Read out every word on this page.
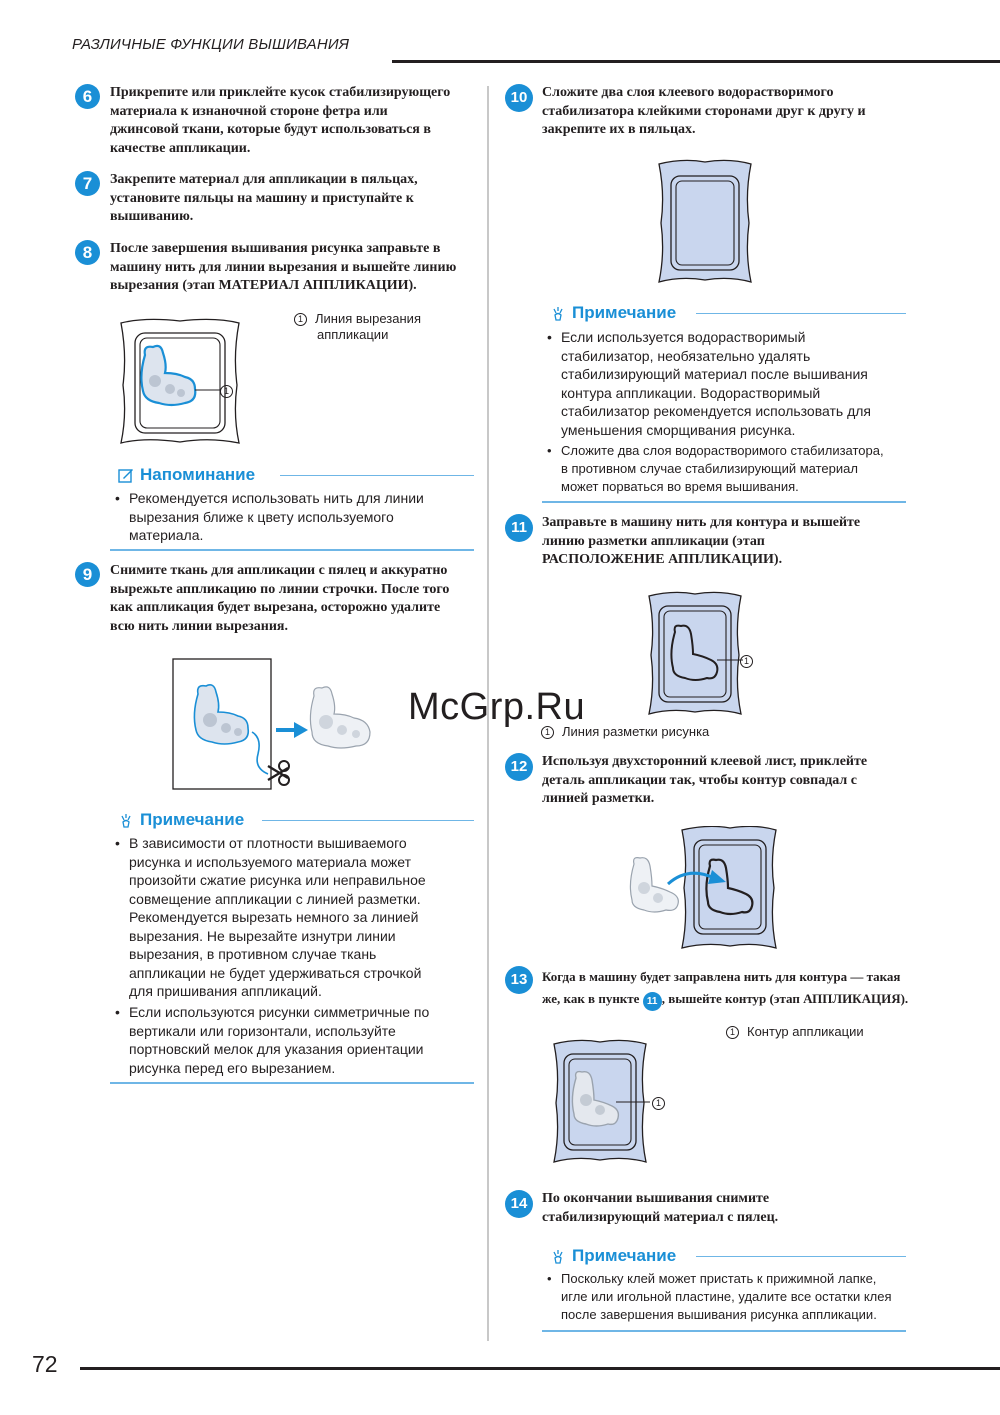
РАЗЛИЧНЫЕ ФУНКЦИИ ВЫШИВАНИЯ
6	Прикрепите или приклейте кусок стабилизирующего
материала к изнаночной стороне фетра или
джинсовой ткани, которые будут использоваться в
качестве аппликации.
7	Закрепите материал для аппликации в пяльцах,
установите пяльцы на машину и приступайте к
вышиванию.
8	После завершения вышивания рисунка заправьте в
машину нить для линии вырезания и вышейте линию
вырезания (этап МАТЕРИАЛ АППЛИКАЦИИ).
1
1 Линия вырезания
аппликации
Напоминание
• Рекомендуется использовать нить для линии
вырезания ближе к цвету используемого
материала.
9	Снимите ткань для аппликации с пялец и аккуратно
вырежьте аппликацию по линии строчки. После того
как аппликация будет вырезана, осторожно удалите
всю нить линии вырезания.
Примечание
• В зависимости от плотности вышиваемого
рисунка и используемого материала может
произойти сжатие рисунка или неправильное
совмещение аппликации с линией разметки.
Рекомендуется вырезать немного за линией
вырезания. Не вырезайте изнутри линии
вырезания, в противном случае ткань
аппликации не будет удерживаться строчкой
для пришивания аппликаций.
• Если используются рисунки симметричные по
вертикали или горизонтали, используйте
портновский мелок для указания ориентации
рисунка перед его вырезанием.
10	Сложите два слоя клеевого водорастворимого
стабилизатора клейкими сторонами друг к другу и
закрепите их в пяльцах.
Примечание
• Если используется водорастворимый
стабилизатор, необязательно удалять
стабилизирующий материал после вышивания
контура аппликации. Водорастворимый
стабилизатор рекомендуется использовать для
уменьшения сморщивания рисунка.
• Сложите два слоя водорастворимого стабилизатора,
в противном случае стабилизирующий материал
может порваться во время вышивания.
11	Заправьте в машину нить для контура и вышейте
линию разметки аппликации (этап
РАСПОЛОЖЕНИЕ АППЛИКАЦИИ).
1
1 Линия разметки рисунка
McGrp.Ru
12	Используя двухсторонний клеевой лист, приклейте
деталь аппликации так, чтобы контур совпадал с
линией разметки.
13	Когда в машину будет заправлена нить для контура — такая
же, как в пункте 11 , вышейте контур (этап АППЛИКАЦИЯ).
1 Контур аппликации
1
14	По окончании вышивания снимите
стабилизирующий материал с пялец.
Примечание
• Поскольку клей может пристать к прижимной лапке,
игле или игольной пластине, удалите все остатки клея
после завершения вышивания рисунка аппликации.
72
